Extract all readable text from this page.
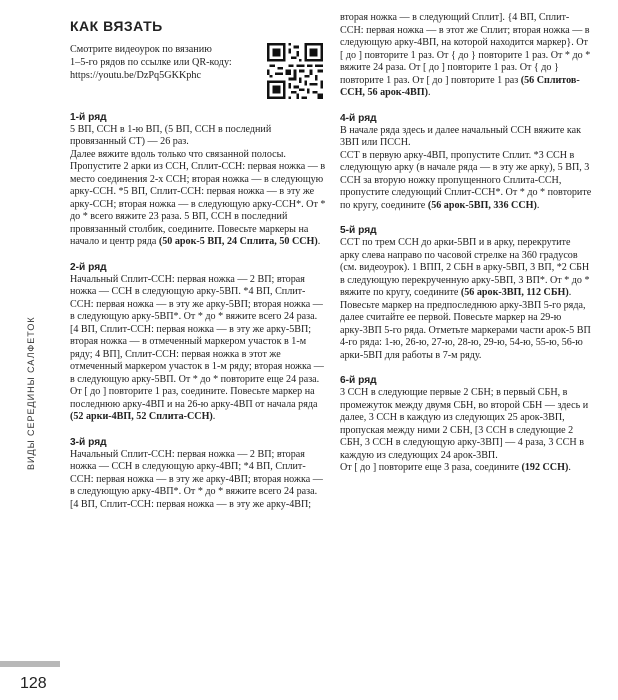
ВИДЫ СЕРЕДИНЫ САЛФЕТОК
128
КАК ВЯЗАТЬ
Смотрите видеоурок по вязанию
1–5-го рядов по ссылке или QR-коду:
https://youtu.be/DzPq5GKKphc
1-й ряд

5 ВП, ССН в 1-ю ВП, (5 ВП, ССН в последний провязанный СТ) — 26 раз.

Далее вяжите вдоль только что связанной полосы. Пропустите 2 арки из ССН, Сплит-ССН: первая ножка — в место соединения 2-х ССН; вторая ножка — в следующую арку-ССН. *5 ВП, Сплит-ССН: первая ножка — в эту же арку-ССН; вторая ножка — в следующую арку-ССН*. От * до * всего вяжите 23 раза. 5 ВП, ССН в последний провязанный столбик, соедините. Повесьте маркеры на начало и центр ряда (50 арок-5 ВП, 24 Сплита, 50 ССН).

2-й ряд

Начальный Сплит-ССН: первая ножка — 2 ВП; вторая ножка — ССН в следующую арку-5ВП. *4 ВП, Сплит-ССН: первая ножка — в эту же арку-5ВП; вторая ножка — в следующую арку-5ВП*. От * до * вяжите всего 24 раза. [4 ВП, Сплит-ССН: первая ножка — в эту же арку-5ВП; вторая ножка — в отмеченный маркером участок в 1-м ряду; 4 ВП], Сплит-ССН: первая ножка в этот же отмеченный маркером участок в 1-м ряду; вторая ножка — в следующую арку-5ВП. От * до * повторите еще 24 раза. От [ до ] повторите 1 раз, соедините. Повесьте маркер на последнюю арку-4ВП и на 26-ю арку-4ВП от начала ряда (52 арки-4ВП, 52 Сплита-ССН).

3-й ряд

Начальный Сплит-ССН: первая ножка — 2 ВП; вторая ножка — ССН в следующую арку-4ВП; *4 ВП, Сплит-ССН: первая ножка — в эту же арку-4ВП; вторая ножка — в следующую арку-4ВП*. От * до * вяжите всего 24 раза. [4 ВП, Сплит-ССН: первая ножка — в эту же арку-4ВП;

вторая ножка — в следующий Сплит]. {4 ВП, Сплит-ССН: первая ножка — в этот же Сплит; вторая ножка — в следующую арку-4ВП, на которой находится маркер}. От [ до ] повторите 1 раз. От { до } повторите 1 раз. От * до * вяжите 24 раза. От [ до ] повторите 1 раз. От { до } повторите 1 раз. От [ до ] повторите 1 раз (56 Сплитов-ССН, 56 арок-4ВП).

4-й ряд

В начале ряда здесь и далее начальный ССН вяжите как 3ВП или ПССН.

ССТ в первую арку-4ВП, пропустите Сплит. *3 ССН в следующую арку (в начале ряда — в эту же арку), 5 ВП, 3 ССН за вторую ножку пропущенного Сплита-ССН, пропустите следующий Сплит-ССН*. От * до * повторите по кругу, соедините (56 арок-5ВП, 336 ССН).

5-й ряд

ССТ по трем ССН до арки-5ВП и в арку, перекрутите арку слева направо по часовой стрелке на 360 градусов (см. видеоурок). 1 ВПП, 2 СБН в арку-5ВП, 3 ВП, *2 СБН в следующую перекрученную арку-5ВП, 3 ВП*. От * до * вяжите по кругу, соедините (56 арок-3ВП, 112 СБН).

Повесьте маркер на предпоследнюю арку-3ВП 5-го ряда, далее считайте ее первой. Повесьте маркер на 29-ю арку-3ВП 5-го ряда. Отметьте маркерами части арок-5 ВП 4-го ряда: 1-ю, 26-ю, 27-ю, 28-ю, 29-ю, 54-ю, 55-ю, 56-ю арки-5ВП для работы в 7-м ряду.

6-й ряд

3 ССН в следующие первые 2 СБН; в первый СБН, в промежуток между двумя СБН, во второй СБН — здесь и далее, 3 ССН в каждую из следующих 25 арок-3ВП, пропуская между ними 2 СБН, [3 ССН в следующие 2 СБН, 3 ССН в следующую арку-3ВП] — 4 раза, 3 ССН в каждую из следующих 24 арок-3ВП.

От [ до ] повторите еще 3 раза, соедините (192 ССН).
